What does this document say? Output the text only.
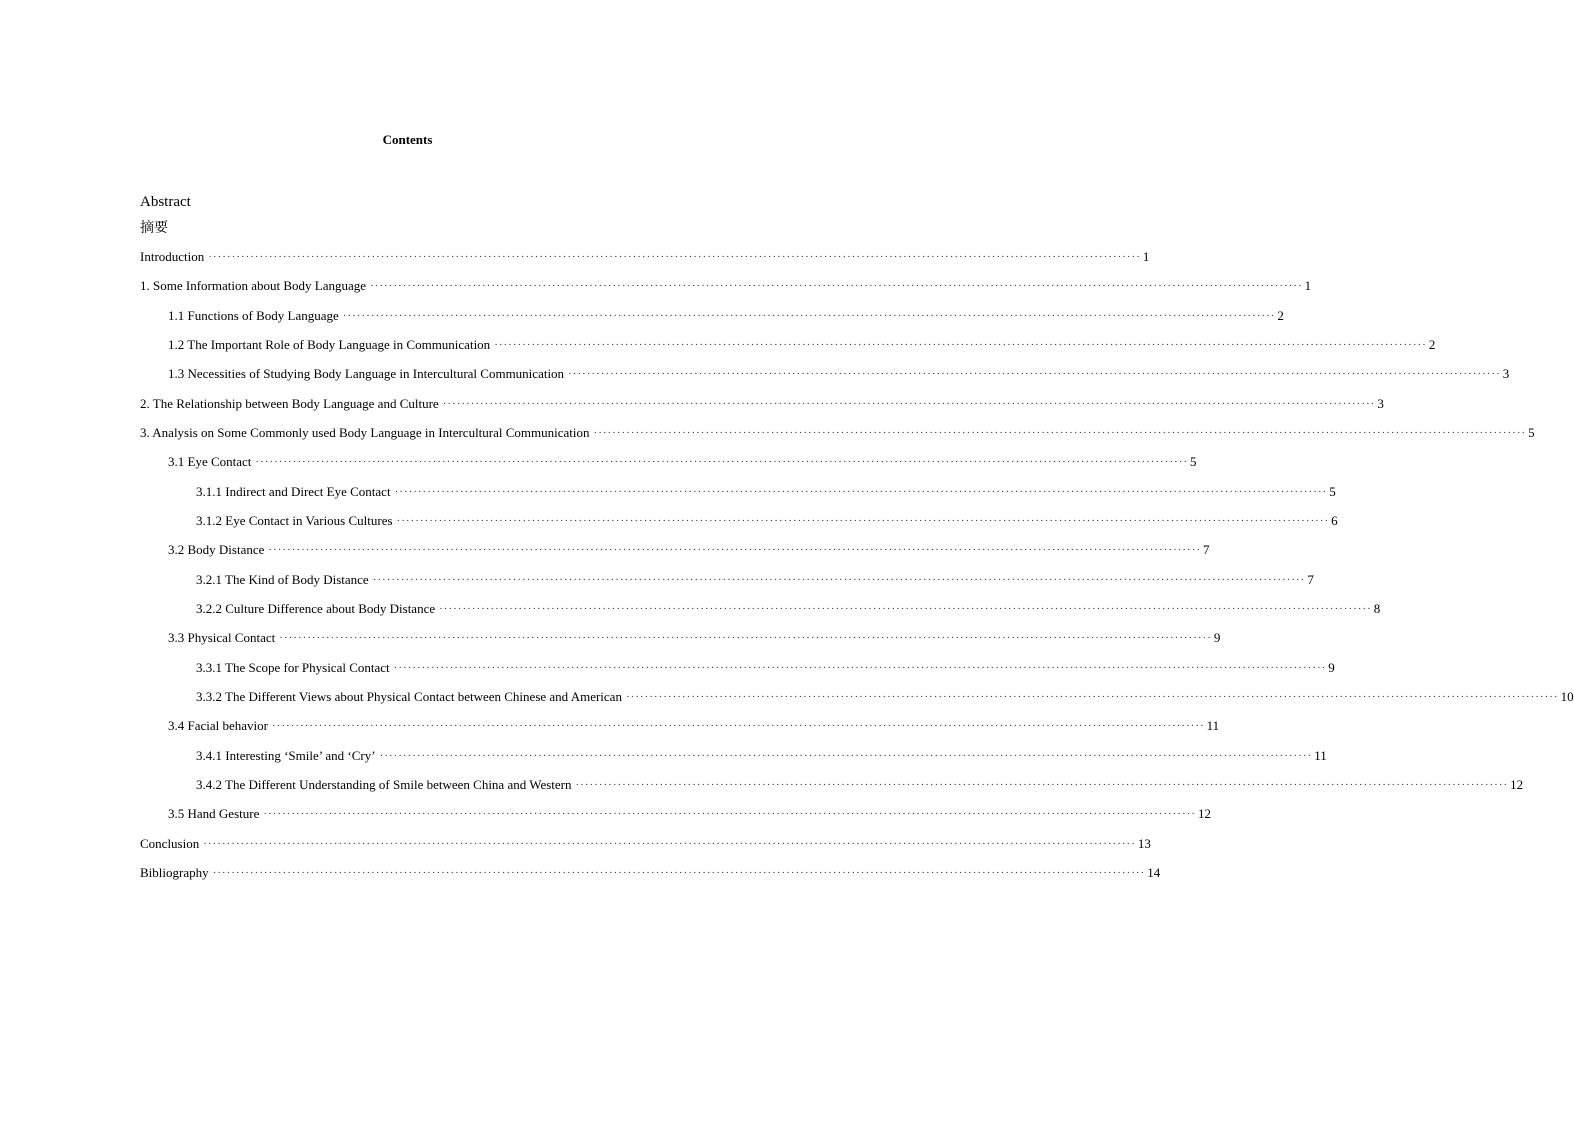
Contents
Abstract
摘要
Introduction ········································································································································································································ 1
1. Some Information about Body Language ········································································································································································································ 1
1.1 Functions of Body Language ········································································································································································································ 2
1.2 The Important Role of Body Language in Communication ········································································································································································································ 2
1.3 Necessities of Studying Body Language in Intercultural Communication ········································································································································································································ 3
2. The Relationship between Body Language and Culture ········································································································································································································ 3
3. Analysis on Some Commonly used Body Language in Intercultural Communication ········································································································································································································ 5
3.1 Eye Contact ········································································································································································································ 5
3.1.1 Indirect and Direct Eye Contact ········································································································································································································ 5
3.1.2 Eye Contact in Various Cultures ········································································································································································································ 6
3.2 Body Distance ········································································································································································································ 7
3.2.1 The Kind of Body Distance ········································································································································································································ 7
3.2.2 Culture Difference about Body Distance ········································································································································································································ 8
3.3 Physical Contact ········································································································································································································ 9
3.3.1 The Scope for Physical Contact ········································································································································································································ 9
3.3.2 The Different Views about Physical Contact between Chinese and American ········································································································································································································ 10
3.4 Facial behavior ········································································································································································································ 11
3.4.1 Interesting ‘Smile’ and ‘Cry’ ········································································································································································································ 11
3.4.2 The Different Understanding of Smile between China and Western ········································································································································································································ 12
3.5 Hand Gesture ········································································································································································································ 12
Conclusion ········································································································································································································ 13
Bibliography ········································································································································································································ 14
